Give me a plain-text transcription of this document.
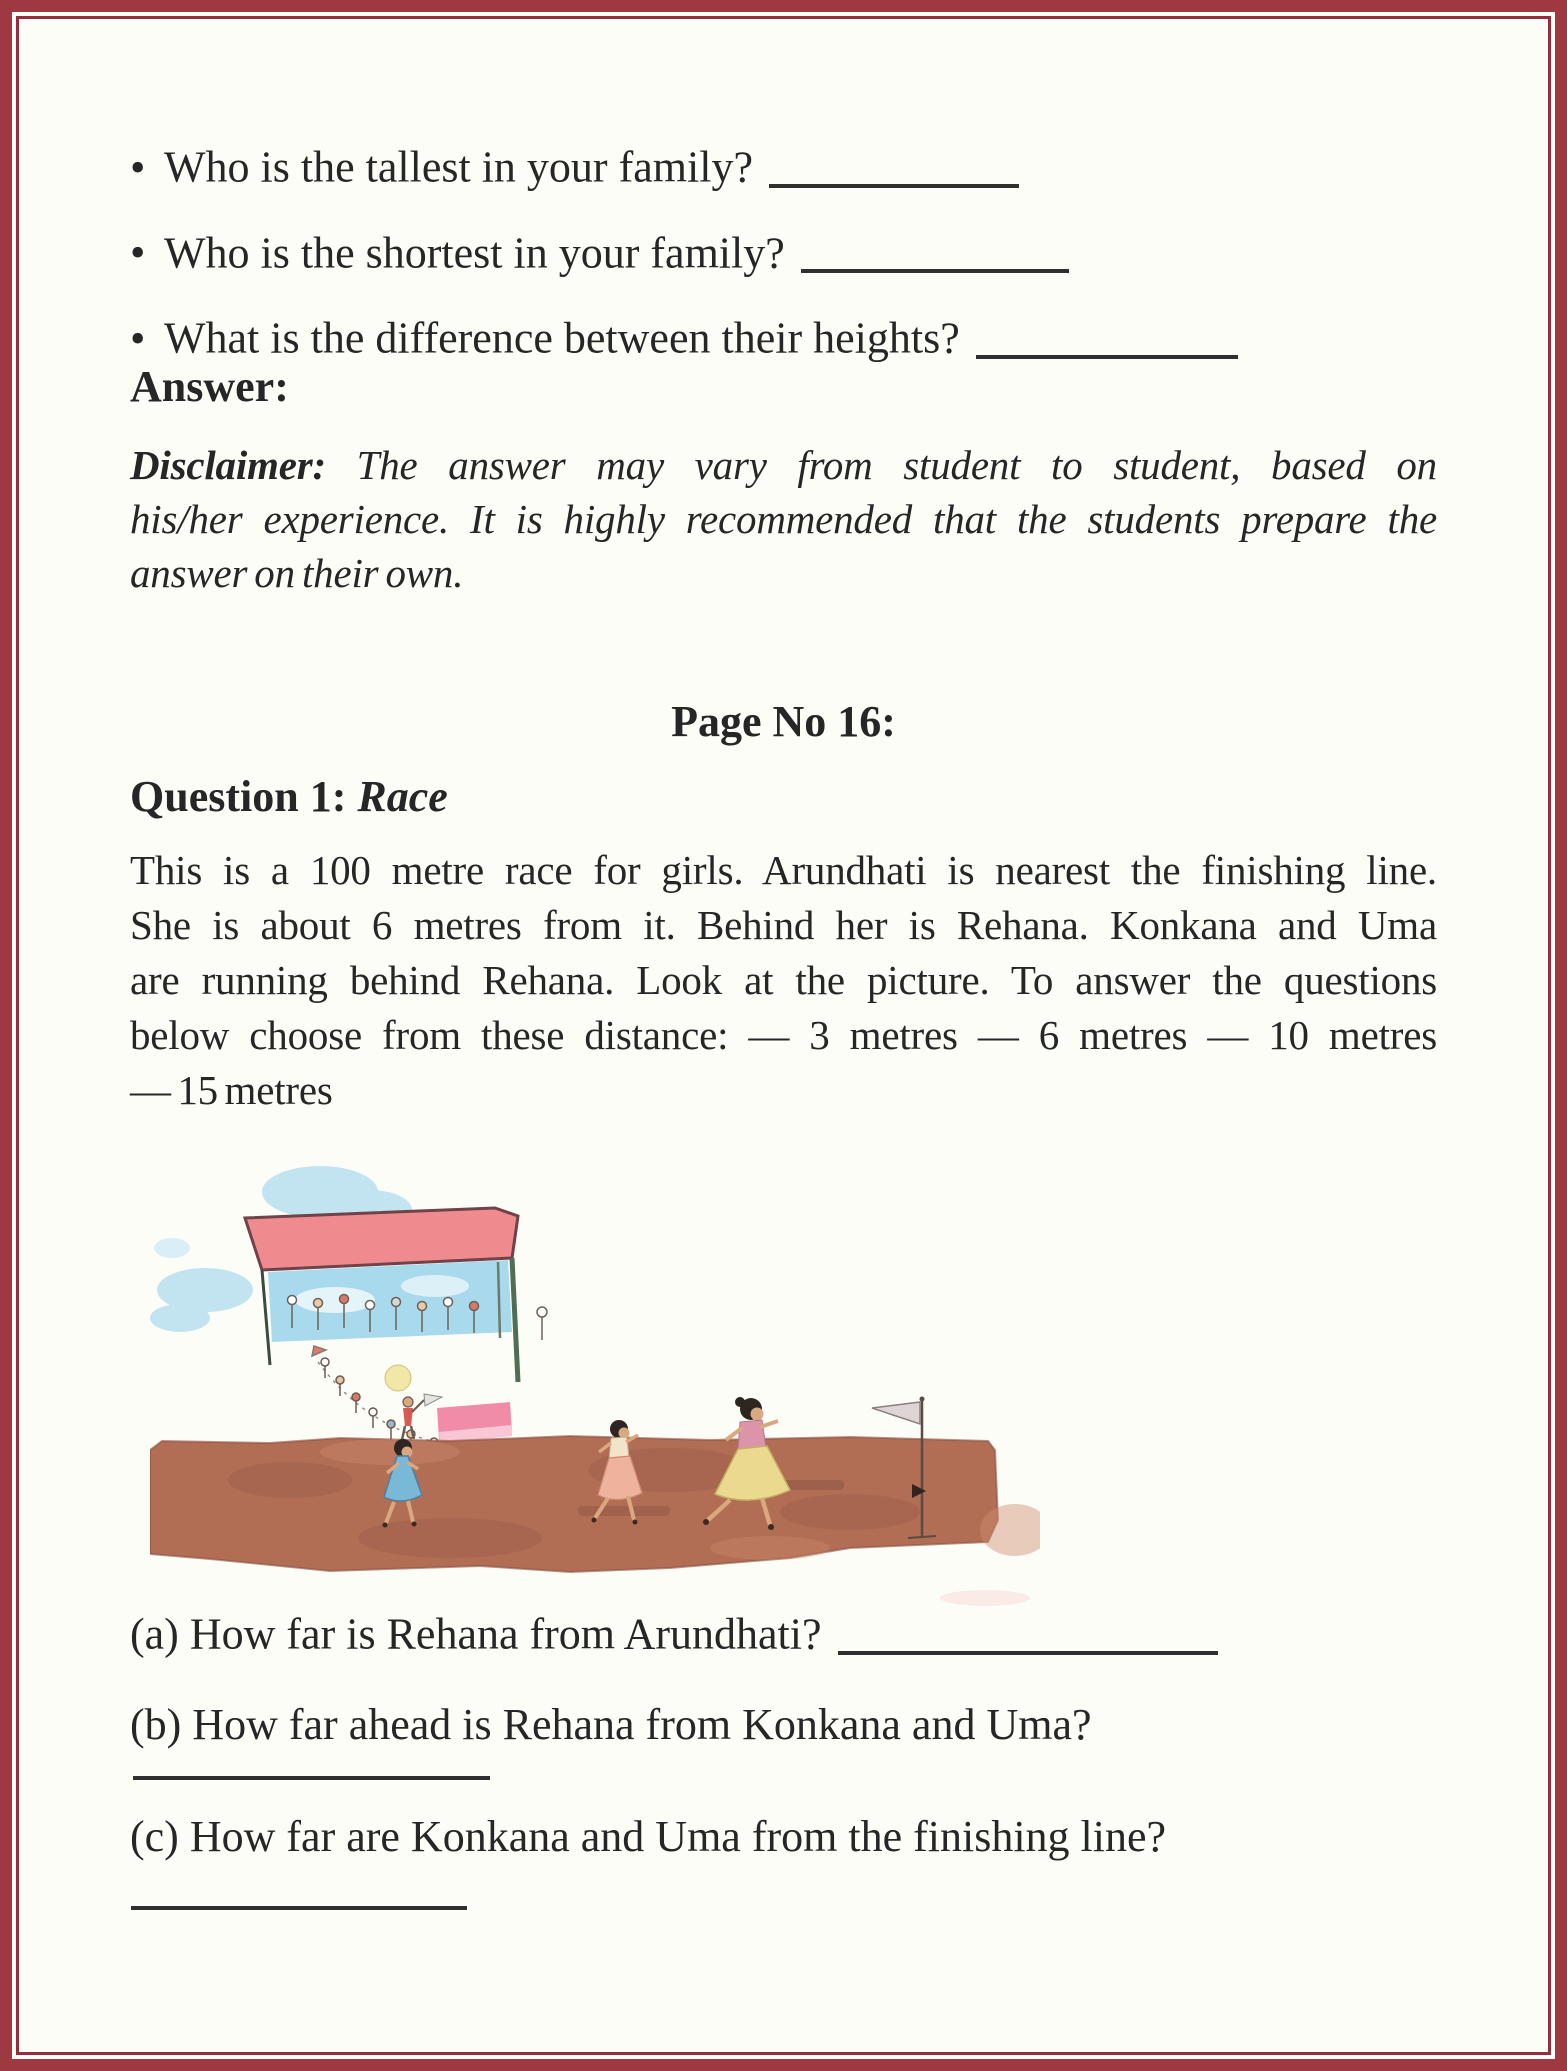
• Who is the tallest in your family?
• Who is the shortest in your family?
• What is the difference between their heights?
Answer:
Disclaimer: The answer may vary from student to student, based on
his/her experience. It is highly recommended that the students prepare the
answer on their own.
Page No 16:
Question 1: Race
This is a 100 metre race for girls. Arundhati is nearest the finishing line.
She is about 6 metres from it. Behind her is Rehana. Konkana and Uma
are running behind Rehana. Look at the picture. To answer the questions
below choose from these distance: — 3 metres — 6 metres — 10 metres
— 15 metres
(a) How far is Rehana from Arundhati?
(b) How far ahead is Rehana from Konkana and Uma?
(c) How far are Konkana and Uma from the finishing line?
